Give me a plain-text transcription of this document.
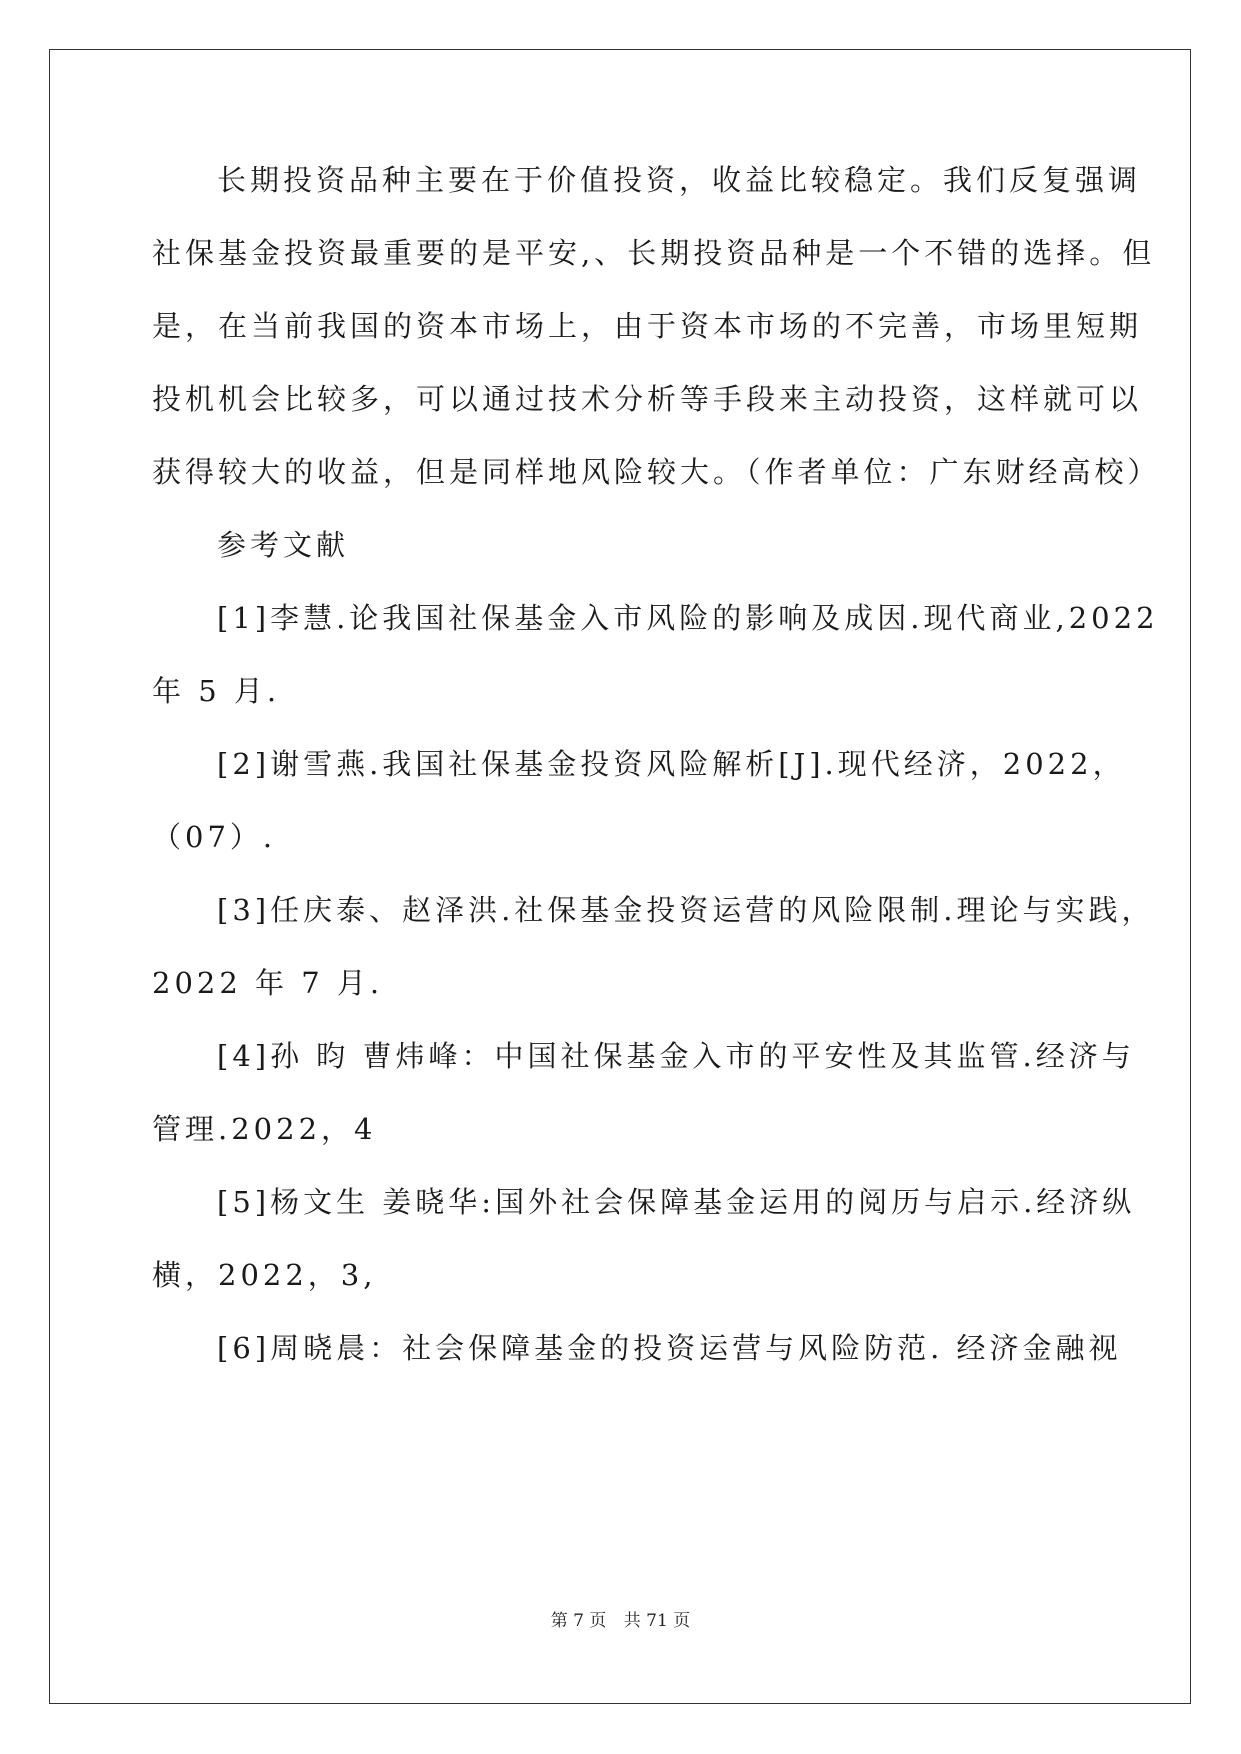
长期投资品种主要在于价值投资，收益比较稳定。我们反复强调
社保基金投资最重要的是平安,、长期投资品种是一个不错的选择。但
是，在当前我国的资本市场上，由于资本市场的不完善，市场里短期
投机机会比较多，可以通过技术分析等手段来主动投资，这样就可以
获得较大的收益，但是同样地风险较大。（作者单位：广东财经高校）
参考文献
[1]李慧.论我国社保基金入市风险的影响及成因.现代商业,2022
年 5 月.
[2]谢雪燕.我国社保基金投资风险解析[J].现代经济，2022，
（07）.
[3]任庆泰、赵泽洪.社保基金投资运营的风险限制.理论与实践，
2022 年 7 月.
[4]孙 昀 曹炜峰：中国社保基金入市的平安性及其监管.经济与
管理.2022，4
[5]杨文生 姜晓华:国外社会保障基金运用的阅历与启示.经济纵
横，2022，3,
[6]周晓晨：社会保障基金的投资运营与风险防范. 经济金融视
第 7 页 共 71 页
